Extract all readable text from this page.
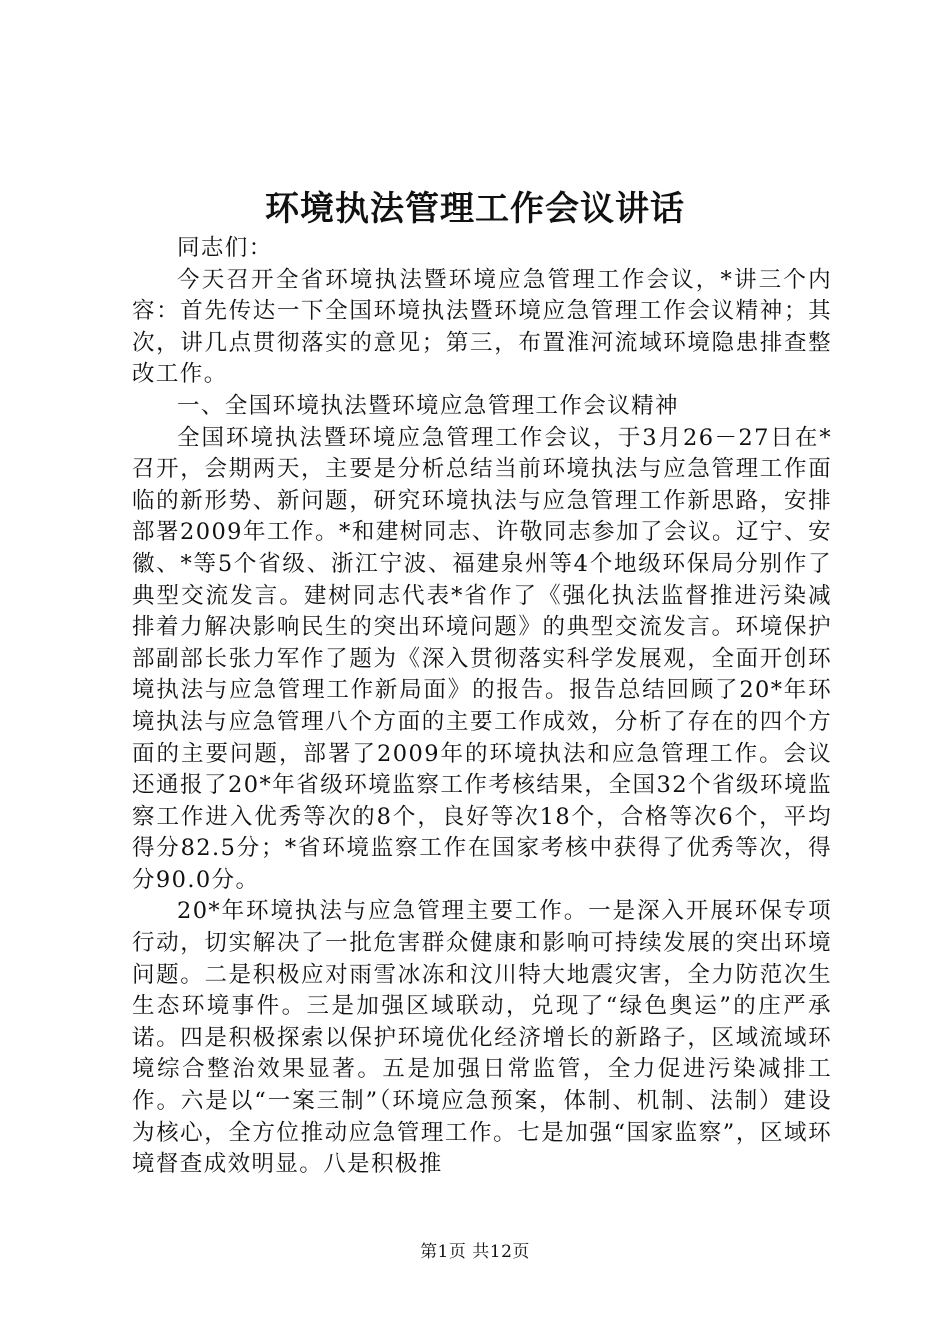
环境执法管理工作会议讲话

同志们：

今天召开全省环境执法暨环境应急管理工作会议，*讲三个内容：首先传达一下全国环境执法暨环境应急管理工作会议精神；其次，讲几点贯彻落实的意见；第三，布置淮河流域环境隐患排查整改工作。

一、全国环境执法暨环境应急管理工作会议精神

全国环境执法暨环境应急管理工作会议，于3月26－27日在*召开，会期两天，主要是分析总结当前环境执法与应急管理工作面临的新形势、新问题，研究环境执法与应急管理工作新思路，安排部署2009年工作。*和建树同志、许敬同志参加了会议。辽宁、安徽、*等5个省级、浙江宁波、福建泉州等4个地级环保局分别作了典型交流发言。建树同志代表*省作了《强化执法监督推进污染减排着力解决影响民生的突出环境问题》的典型交流发言。环境保护部副部长张力军作了题为《深入贯彻落实科学发展观，全面开创环境执法与应急管理工作新局面》的报告。报告总结回顾了20*年环境执法与应急管理八个方面的主要工作成效，分析了存在的四个方面的主要问题，部署了2009年的环境执法和应急管理工作。会议还通报了20*年省级环境监察工作考核结果，全国32个省级环境监察工作进入优秀等次的8个，良好等次18个，合格等次6个，平均得分82.5分；*省环境监察工作在国家考核中获得了优秀等次，得分90.0分。

20*年环境执法与应急管理主要工作。一是深入开展环保专项行动，切实解决了一批危害群众健康和影响可持续发展的突出环境问题。二是积极应对雨雪冰冻和汶川特大地震灾害，全力防范次生生态环境事件。三是加强区域联动，兑现了“绿色奥运”的庄严承诺。四是积极探索以保护环境优化经济增长的新路子，区域流域环境综合整治效果显著。五是加强日常监管，全力促进污染减排工作。六是以“一案三制”（环境应急预案，体制、机制、法制）建设为核心，全方位推动应急管理工作。七是加强“国家监察”，区域环境督查成效明显。八是积极推

第1页 共12页
